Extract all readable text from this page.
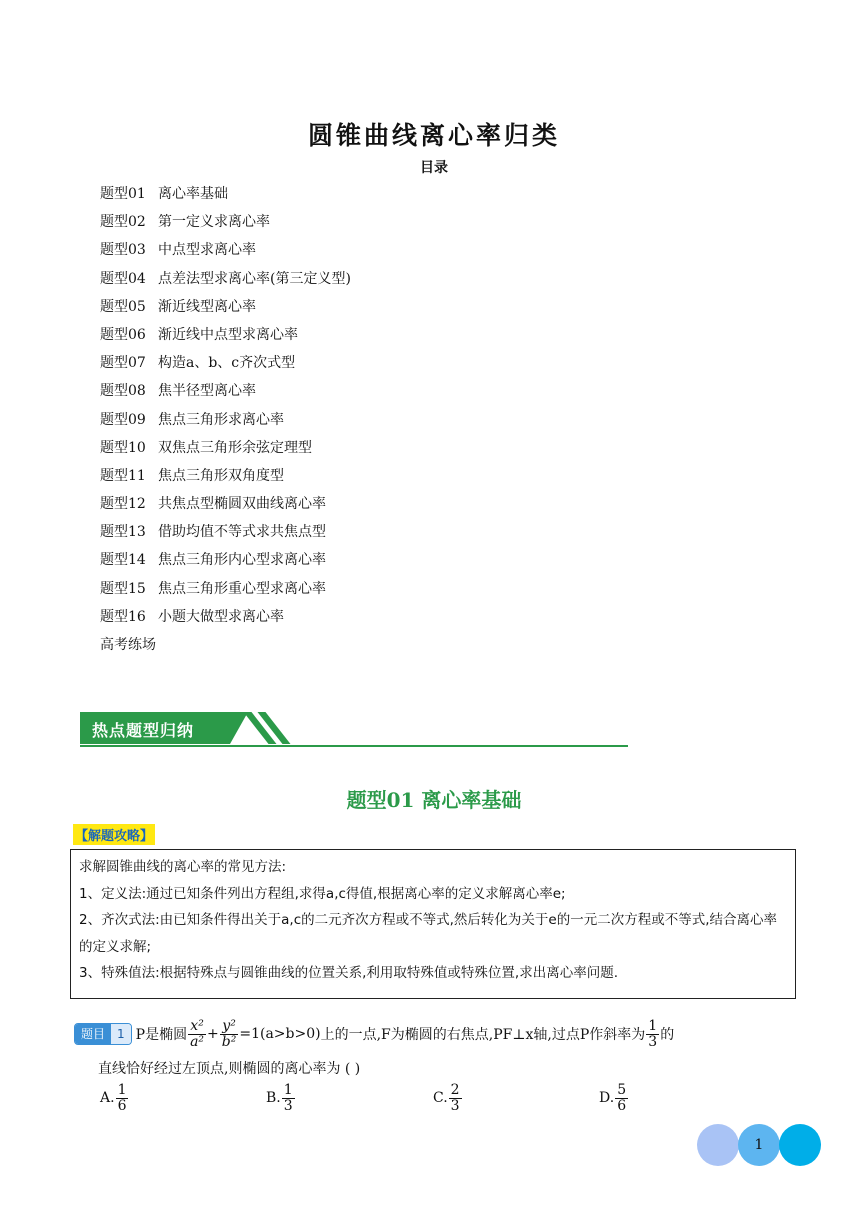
圆锥曲线离心率归类
目录
题型01 离心率基础
题型02 第一定义求离心率
题型03 中点型求离心率
题型04 点差法型求离心率(第三定义型)
题型05 渐近线型离心率
题型06 渐近线中点型求离心率
题型07 构造a、b、c齐次式型
题型08 焦半径型离心率
题型09 焦点三角形求离心率
题型10 双焦点三角形余弦定理型
题型11 焦点三角形双角度型
题型12 共焦点型椭圆双曲线离心率
题型13 借助均值不等式求共焦点型
题型14 焦点三角形内心型求离心率
题型15 焦点三角形重心型求离心率
题型16 小题大做型求离心率
高考练场
热点题型归纳
题型01 离心率基础
【解题攻略】

求解圆锥曲线的离心率的常见方法:

1、定义法:通过已知条件列出方程组,求得a,c得值,根据离心率的定义求解离心率e;

2、齐次式法:由已知条件得出关于a,c的二元齐次方程或不等式,然后转化为关于e的一元二次方程或不等式,结合离心率的定义求解;

3、特殊值法:根据特殊点与圆锥曲线的位置关系,利用取特殊值或特殊位置,求出离心率问题.

题目	1 P是椭圆 $\frac{\text{x²}}{\text{a²}} + \frac{\text{y²}}{\text{b²}} =1(a>b>0)$ 上的一点,F为椭圆的右焦点,PF⊥x轴,过点P作斜率为 $\frac{1}{3}$ 的
直线恰好经过左顶点,则椭圆的离心率为 ( )
A. $\frac{1}{6}$	B. $\frac{1}{3}$	C. $\frac{2}{3}$	D. $\frac{5}{6}$
1
